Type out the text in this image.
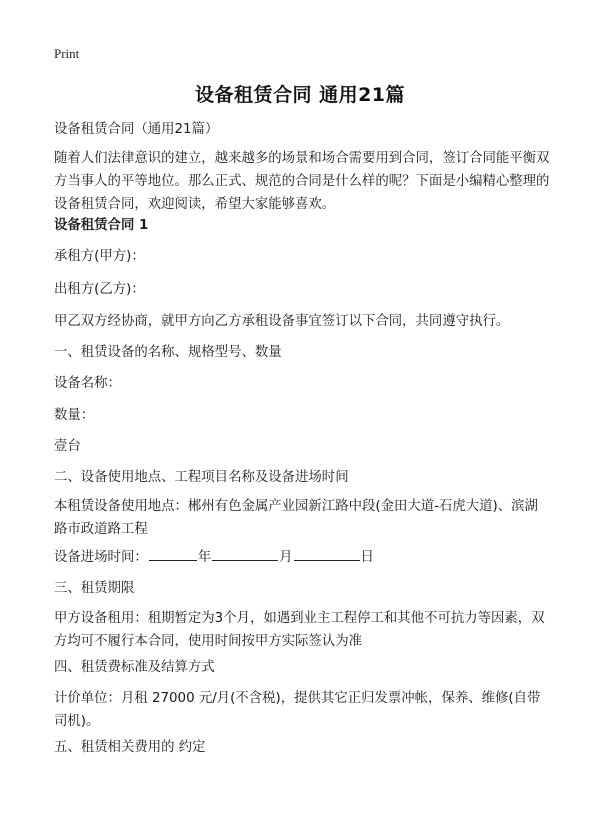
Print
设备租赁合同 通用21篇

设备租赁合同（通用21篇）

随着人们法律意识的建立，越来越多的场景和场合需要用到合同，签订合同能平衡双方当事人的平等地位。那么正式、规范的合同是什么样的呢？下面是小编精心整理的设备租赁合同，欢迎阅读，希望大家能够喜欢。

设备租赁合同 1

承租方(甲方)：

出租方(乙方)：

甲乙双方经协商，就甲方向乙方承租设备事宜签订以下合同，共同遵守执行。

一、租赁设备的名称、规格型号、数量

设备名称：

数量：

壹台

二、设备使用地点、工程项目名称及设备进场时间

本租赁设备使用地点：郴州有色金属产业园新江路中段(金田大道-石虎大道)、滨湖路市政道路工程

设备进场时间：	年	月	日

三、租赁期限

甲方设备租用：租期暂定为3个月，如遇到业主工程停工和其他不可抗力等因素，双方均可不履行本合同，使用时间按甲方实际签认为准

四、租赁费标准及结算方式

计价单位：月租 27000 元/月(不含税)，提供其它正归发票冲帐，保养、维修(自带司机)。

五、租赁相关费用的 约定
